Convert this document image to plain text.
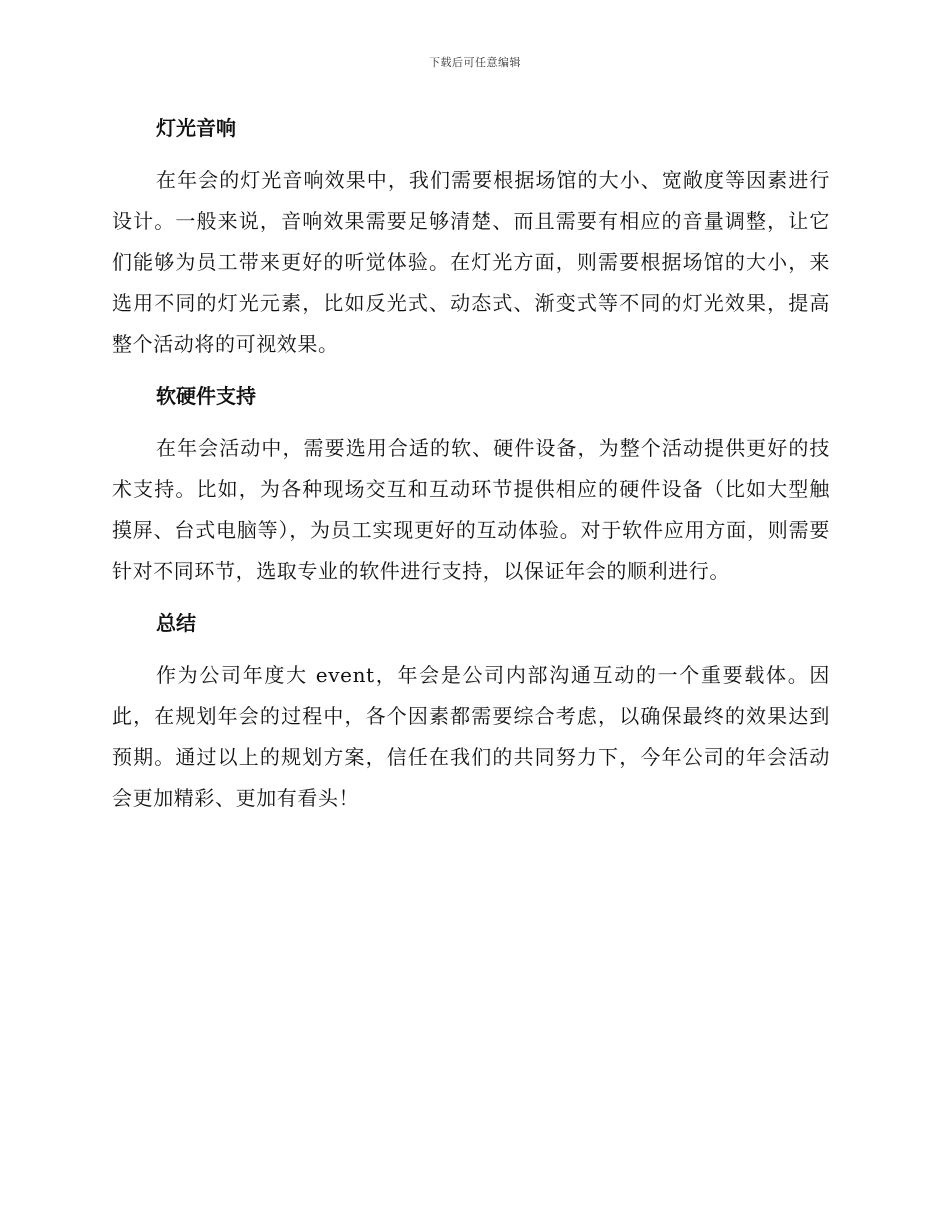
下载后可任意编辑
灯光音响

在年会的灯光音响效果中，我们需要根据场馆的大小、宽敞度等因素进行设计。一般来说，音响效果需要足够清楚、而且需要有相应的音量调整，让它们能够为员工带来更好的听觉体验。在灯光方面，则需要根据场馆的大小，来选用不同的灯光元素，比如反光式、动态式、渐变式等不同的灯光效果，提高整个活动将的可视效果。

软硬件支持

在年会活动中，需要选用合适的软、硬件设备，为整个活动提供更好的技术支持。比如，为各种现场交互和互动环节提供相应的硬件设备（比如大型触摸屏、台式电脑等），为员工实现更好的互动体验。对于软件应用方面，则需要针对不同环节，选取专业的软件进行支持，以保证年会的顺利进行。

总结

作为公司年度大 event，年会是公司内部沟通互动的一个重要载体。因此，在规划年会的过程中，各个因素都需要综合考虑，以确保最终的效果达到预期。通过以上的规划方案，信任在我们的共同努力下，今年公司的年会活动会更加精彩、更加有看头！
